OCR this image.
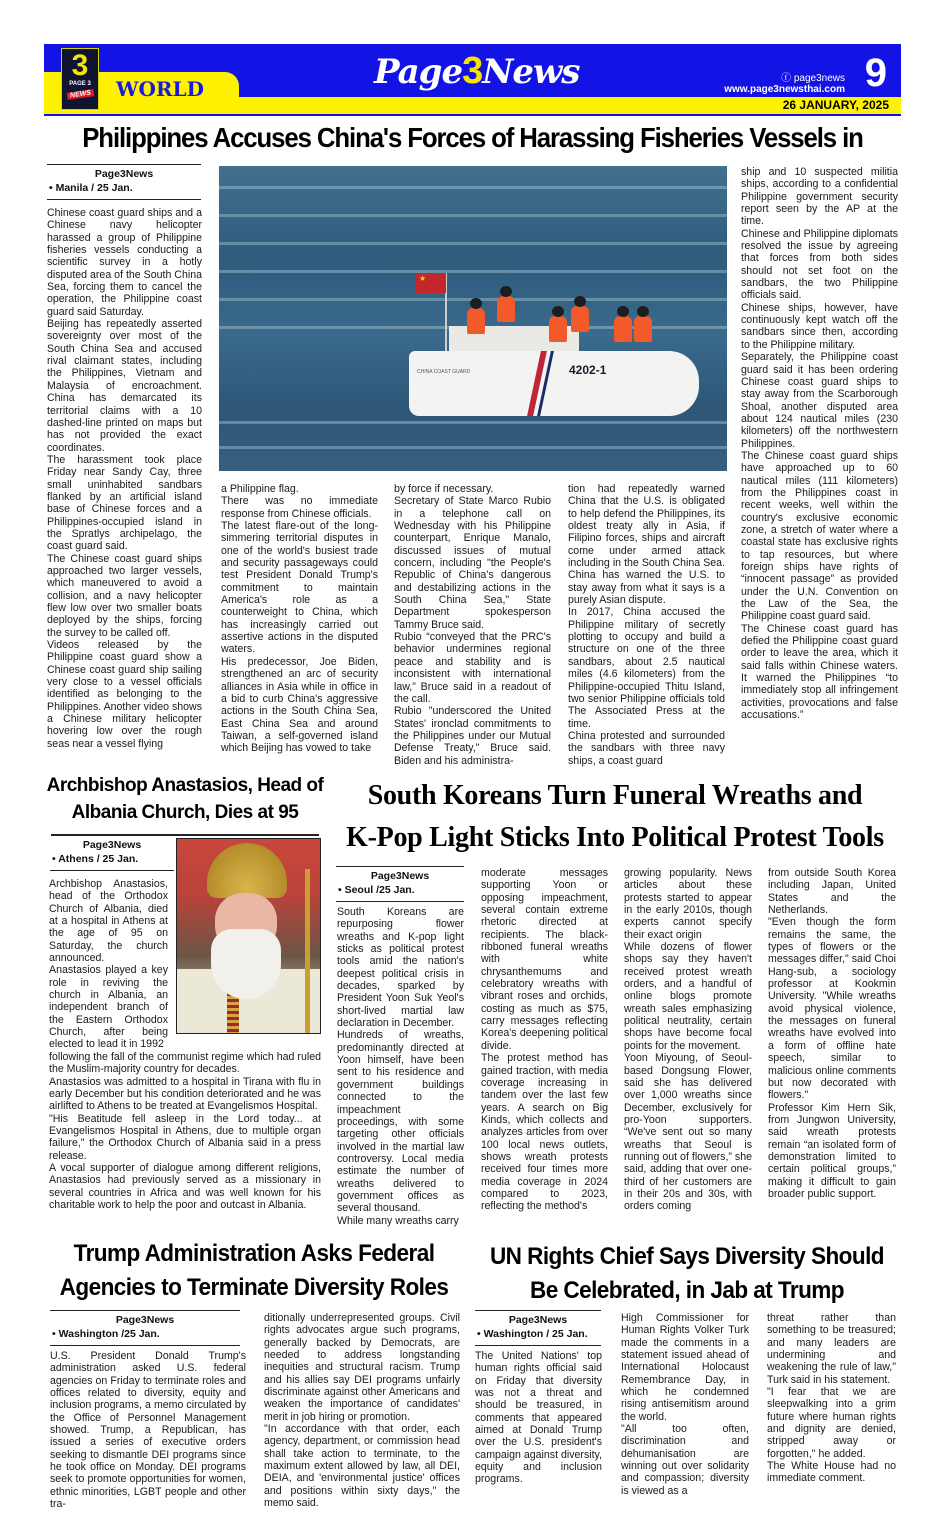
3
PAGE 3
NEWS WORLD	Page3News	ⓕ page3news
www.page3newsthai.com 9
26 JANUARY, 2025
Philippines Accuses China's Forces of Harassing Fisheries Vessels in
Page3News
• Manila / 25 Jan.
★
CHINA COAST GUARD	4202-1

Chinese coast guard ships and a Chinese navy helicopter harassed a group of Philippine fisheries vessels conducting a scientific survey in a hotly disputed area of the South China Sea, forcing them to cancel the operation, the Philippine coast guard said Saturday.

Beijing has repeatedly asserted sovereignty over most of the South China Sea and accused rival claimant states, including the Philippines, Vietnam and Malaysia of encroachment. China has demarcated its territorial claims with a 10 dashed-line printed on maps but has not provided the exact coordinates.

The harassment took place Friday near Sandy Cay, three small uninhabited sandbars flanked by an artificial island base of Chinese forces and a Philippines-occupied island in the Spratlys archipelago, the coast guard said.

The Chinese coast guard ships approached two larger vessels, which maneuvered to avoid a collision, and a navy helicopter flew low over two smaller boats deployed by the ships, forcing the survey to be called off.

Videos released by the Philippine coast guard show a Chinese coast guard ship sailing very close to a vessel officials identified as belonging to the Philippines. Another video shows a Chinese military helicopter hovering low over the rough seas near a vessel flying

a Philippine flag.

There was no immediate response from Chinese officials.

The latest flare-out of the long-simmering territorial disputes in one of the world's busiest trade and security passageways could test President Donald Trump's commitment to maintain America's role as a counterweight to China, which has increasingly carried out assertive actions in the disputed waters.

His predecessor, Joe Biden, strengthened an arc of security alliances in Asia while in office in a bid to curb China's aggressive actions in the South China Sea, East China Sea and around Taiwan, a self-governed island which Beijing has vowed to take

by force if necessary.

Secretary of State Marco Rubio in a telephone call on Wednesday with his Philippine counterpart, Enrique Manalo, discussed issues of mutual concern, including "the People's Republic of China's dangerous and destabilizing actions in the South China Sea," State Department spokesperson Tammy Bruce said.

Rubio “conveyed that the PRC's behavior undermines regional peace and stability and is inconsistent with international law,” Bruce said in a readout of the call.

Rubio "underscored the United States' ironclad commitments to the Philippines under our Mutual Defense Treaty," Bruce said. Biden and his administra-

tion had repeatedly warned China that the U.S. is obligated to help defend the Philippines, its oldest treaty ally in Asia, if Filipino forces, ships and aircraft come under armed attack including in the South China Sea. China has warned the U.S. to stay away from what it says is a purely Asian dispute.

In 2017, China accused the Philippine military of secretly plotting to occupy and build a structure on one of the three sandbars, about 2.5 nautical miles (4.6 kilometers) from the Philippine-occupied Thitu Island, two senior Philippine officials told The Associated Press at the time.

China protested and surrounded the sandbars with three navy ships, a coast guard

ship and 10 suspected militia ships, according to a confidential Philippine government security report seen by the AP at the time.

Chinese and Philippine diplomats resolved the issue by agreeing that forces from both sides should not set foot on the sandbars, the two Philippine officials said.

Chinese ships, however, have continuously kept watch off the sandbars since then, according to the Philippine military.

Separately, the Philippine coast guard said it has been ordering Chinese coast guard ships to stay away from the Scarborough Shoal, another disputed area about 124 nautical miles (230 kilometers) off the northwestern Philippines.

The Chinese coast guard ships have approached up to 60 nautical miles (111 kilometers) from the Philippines coast in recent weeks, well within the country's exclusive economic zone, a stretch of water where a coastal state has exclusive rights to tap resources, but where foreign ships have rights of “innocent passage” as provided under the U.N. Convention on the Law of the Sea, the Philippine coast guard said.

The Chinese coast guard has defied the Philippine coast guard order to leave the area, which it said falls within Chinese waters. It warned the Philippines “to immediately stop all infringement activities, provocations and false accusations.”

Archbishop Anastasios, Head of Albania Church, Dies at 95
Page3News
• Athens / 25 Jan.

Archbishop Anastasios, head of the Orthodox Church of Albania, died at a hospital in Athens at the age of 95 on Saturday, the church announced.

Anastasios played a key role in reviving the church in Albania, an independent branch of the Eastern Orthodox Church, after being elected to lead it in 1992

following the fall of the communist regime which had ruled the Muslim-majority country for decades.

Anastasios was admitted to a hospital in Tirana with flu in early December but his condition deteriorated and he was airlifted to Athens to be treated at Evangelismos Hospital.

"His Beatitude fell asleep in the Lord today... at Evangelismos Hospital in Athens, due to multiple organ failure," the Orthodox Church of Albania said in a press release.

A vocal supporter of dialogue among different religions, Anastasios had previously served as a missionary in several countries in Africa and was well known for his charitable work to help the poor and outcast in Albania.

South Koreans Turn Funeral Wreaths and
K-Pop Light Sticks Into Political Protest Tools
Page3News
• Seoul /25 Jan.

South Koreans are repurposing flower wreaths and K-pop light sticks as political protest tools amid the nation's deepest political crisis in decades, sparked by President Yoon Suk Yeol's short-lived martial law declaration in December.

Hundreds of wreaths, predominantly directed at Yoon himself, have been sent to his residence and government buildings connected to the impeachment proceedings, with some targeting other officials involved in the martial law controversy. Local media estimate the number of wreaths delivered to government offices as several thousand.

While many wreaths carry

moderate messages supporting Yoon or opposing impeachment, several contain extreme rhetoric directed at recipients. The black-ribboned funeral wreaths with white chrysanthemums and celebratory wreaths with vibrant roses and orchids, costing as much as $75, carry messages reflecting Korea's deepening political divide.

The protest method has gained traction, with media coverage increasing in tandem over the last few years. A search on Big Kinds, which collects and analyzes articles from over 100 local news outlets, shows wreath protests received four times more media coverage in 2024 compared to 2023, reflecting the method's

growing popularity. News articles about these protests started to appear in the early 2010s, though experts cannot specify their exact origin

While dozens of flower shops say they haven't received protest wreath orders, and a handful of online blogs promote wreath sales emphasizing political neutrality, certain shops have become focal points for the movement.

Yoon Miyoung, of Seoul-based Dongsung Flower, said she has delivered over 1,000 wreaths since December, exclusively for pro-Yoon supporters. “We've sent out so many wreaths that Seoul is running out of flowers,” she said, adding that over one-third of her customers are in their 20s and 30s, with orders coming

from outside South Korea including Japan, United States and the Netherlands.

"Even though the form remains the same, the types of flowers or the messages differ," said Choi Hang-sub, a sociology professor at Kookmin University. "While wreaths avoid physical violence, the messages on funeral wreaths have evolved into a form of offline hate speech, similar to malicious online comments but now decorated with flowers."

Professor Kim Hern Sik, from Jungwon University, said wreath protests remain “an isolated form of demonstration limited to certain political groups,” making it difficult to gain broader public support.

Trump Administration Asks Federal Agencies to Terminate Diversity Roles
Page3News
• Washington /25 Jan.

U.S. President Donald Trump's administration asked U.S. federal agencies on Friday to terminate roles and offices related to diversity, equity and inclusion programs, a memo circulated by the Office of Personnel Management showed. Trump, a Republican, has issued a series of executive orders seeking to dismantle DEI programs since he took office on Monday. DEI programs seek to promote opportunities for women, ethnic minorities, LGBT people and other tra-

ditionally underrepresented groups. Civil rights advocates argue such programs, generally backed by Democrats, are needed to address longstanding inequities and structural racism. Trump and his allies say DEI programs unfairly discriminate against other Americans and weaken the importance of candidates' merit in job hiring or promotion.

"In accordance with that order, each agency, department, or commission head shall take action to terminate, to the maximum extent allowed by law, all DEI, DEIA, and 'environmental justice' offices and positions within sixty days," the memo said.

UN Rights Chief Says Diversity Should Be Celebrated, in Jab at Trump
Page3News
• Washington / 25 Jan.

The United Nations' top human rights official said on Friday that diversity was not a threat and should be treasured, in comments that appeared aimed at Donald Trump over the U.S. president's campaign against diversity, equity and inclusion programs.

High Commissioner for Human Rights Volker Turk made the comments in a statement issued ahead of International Holocaust Remembrance Day, in which he condemned rising antisemitism around the world.

"All too often, discrimination and dehumanisation are winning out over solidarity and compassion; diversity is viewed as a

threat rather than something to be treasured; and many leaders are undermining and weakening the rule of law," Turk said in his statement.

"I fear that we are sleepwalking into a grim future where human rights and dignity are denied, stripped away or forgotten," he added.

The White House had no immediate comment.
